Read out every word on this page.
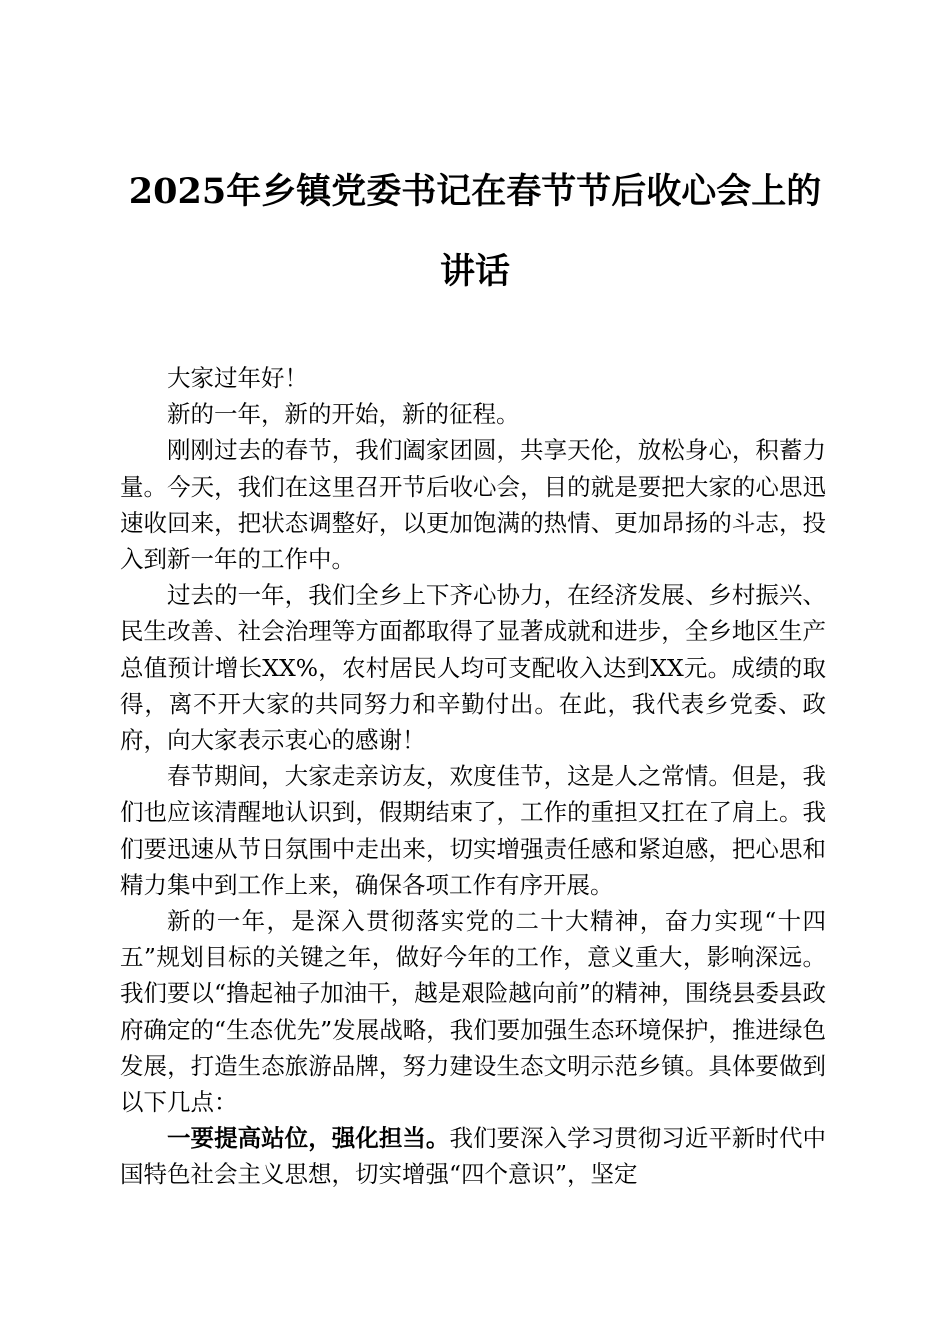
2025年乡镇党委书记在春节节后收心会上的
讲话

大家过年好！

新的一年，新的开始，新的征程。

刚刚过去的春节，我们阖家团圆，共享天伦，放松身心，积蓄力量。今天，我们在这里召开节后收心会，目的就是要把大家的心思迅速收回来，把状态调整好，以更加饱满的热情、更加昂扬的斗志，投入到新一年的工作中。

过去的一年，我们全乡上下齐心协力，在经济发展、乡村振兴、民生改善、社会治理等方面都取得了显著成就和进步，全乡地区生产总值预计增长XX%，农村居民人均可支配收入达到XX元。成绩的取得，离不开大家的共同努力和辛勤付出。在此，我代表乡党委、政府，向大家表示衷心的感谢！

春节期间，大家走亲访友，欢度佳节，这是人之常情。但是，我们也应该清醒地认识到，假期结束了，工作的重担又扛在了肩上。我们要迅速从节日氛围中走出来，切实增强责任感和紧迫感，把心思和精力集中到工作上来，确保各项工作有序开展。

新的一年，是深入贯彻落实党的二十大精神，奋力实现“十四五”规划目标的关键之年，做好今年的工作，意义重大，影响深远。我们要以“撸起袖子加油干，越是艰险越向前”的精神，围绕县委县政府确定的“生态优先”发展战略，我们要加强生态环境保护，推进绿色发展，打造生态旅游品牌，努力建设生态文明示范乡镇。具体要做到以下几点：

一要提高站位，强化担当。我们要深入学习贯彻习近平新时代中国特色社会主义思想，切实增强“四个意识”，坚定
